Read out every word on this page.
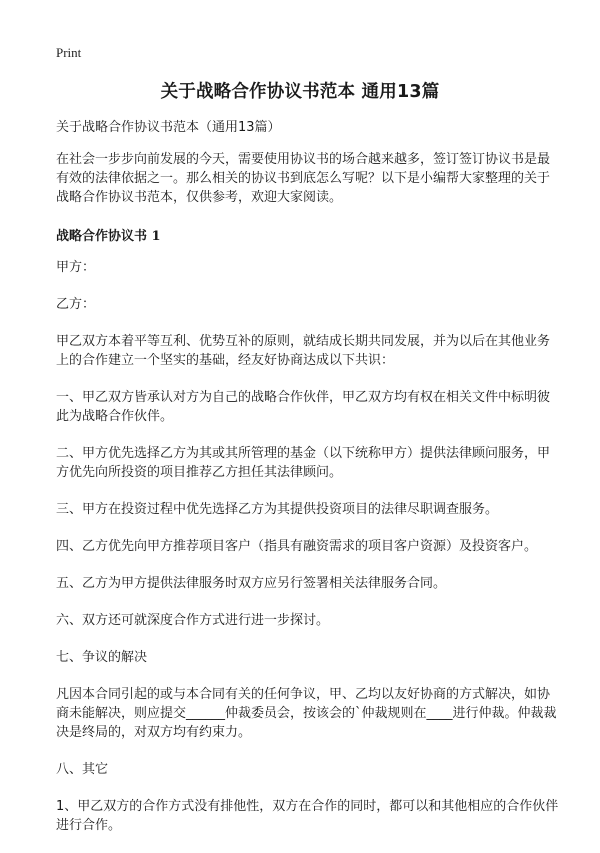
Print
关于战略合作协议书范本 通用13篇

关于战略合作协议书范本（通用13篇）

在社会一步步向前发展的今天，需要使用协议书的场合越来越多，签订签订协议书是最有效的法律依据之一。那么相关的协议书到底怎么写呢？以下是小编帮大家整理的关于战略合作协议书范本，仅供参考，欢迎大家阅读。

战略合作协议书 1

甲方：

乙方：

甲乙双方本着平等互利、优势互补的原则，就结成长期共同发展，并为以后在其他业务上的合作建立一个坚实的基础，经友好协商达成以下共识：

一、甲乙双方皆承认对方为自己的战略合作伙伴，甲乙双方均有权在相关文件中标明彼此为战略合作伙伴。

二、甲方优先选择乙方为其或其所管理的基金（以下统称甲方）提供法律顾问服务，甲方优先向所投资的项目推荐乙方担任其法律顾问。

三、甲方在投资过程中优先选择乙方为其提供投资项目的法律尽职调查服务。

四、乙方优先向甲方推荐项目客户（指具有融资需求的项目客户资源）及投资客户。

五、乙方为甲方提供法律服务时双方应另行签署相关法律服务合同。

六、双方还可就深度合作方式进行进一步探讨。

七、争议的解决

凡因本合同引起的或与本合同有关的任何争议，甲、乙均以友好协商的方式解决，如协商未能解决，则应提交______仲裁委员会，按该会的`仲裁规则在____进行仲裁。仲裁裁决是终局的，对双方均有约束力。

八、其它

1、甲乙双方的合作方式没有排他性，双方在合作的同时，都可以和其他相应的合作伙伴进行合作。
